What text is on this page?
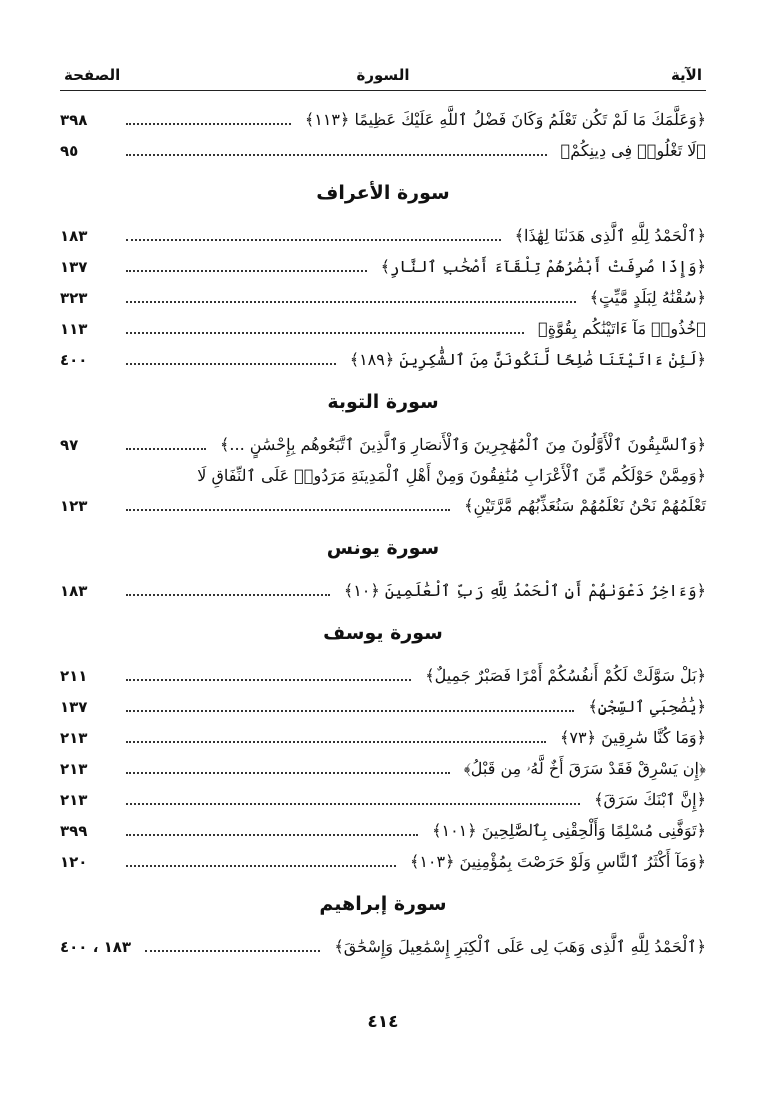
الآية
السورة
الصفحة
﴿وَعَلَّمَكَ مَا لَمْ تَكُن تَعْلَمُ وَكَانَ فَضْلُ ٱللَّهِ عَلَيْكَ عَظِيمًا ﴿١١٣﴾
٣٩٨
﴿لَا تَغْلُوا۟ فِى دِينِكُمْ﴾
٩٥
سورة الأعراف
﴿ٱلْحَمْدُ لِلَّهِ ٱلَّذِى هَدَىٰنَا لِهَٰذَا﴾
١٨٣
﴿وَإِذَا صُرِفَتْ أَبْصَٰرُهُمْ تِلْقَآءَ أَصْحَٰبِ ٱلنَّارِ﴾
١٣٧
﴿سُقْنَٰهُ لِبَلَدٍ مَّيِّتٍ﴾
٣٢٣
﴿خُذُوا۟ مَآ ءَاتَيْنَٰكُم بِقُوَّةٍ﴾
١١٣
﴿لَئِنْ ءَاتَيْتَنَا صَٰلِحًا لَّنَكُونَنَّ مِنَ ٱلشَّٰكِرِينَ ﴿١٨٩﴾
٤٠٠
سورة التوبة
﴿وَٱلسَّٰبِقُونَ ٱلْأَوَّلُونَ مِنَ ٱلْمُهَٰجِرِينَ وَٱلْأَنصَارِ وَٱلَّذِينَ ٱتَّبَعُوهُم بِإِحْسَٰنٍ ...﴾
٩٧
﴿وَمِمَّنْ حَوْلَكُم مِّنَ ٱلْأَعْرَابِ مُنَٰفِقُونَ وَمِنْ أَهْلِ ٱلْمَدِينَةِ مَرَدُوا۟ عَلَى ٱلنِّفَاقِ لَا
تَعْلَمُهُمْ نَحْنُ نَعْلَمُهُمْ سَنُعَذِّبُهُم مَّرَّتَيْنِ﴾
١٢٣
سورة يونس
﴿وَءَاخِرُ دَعْوَىٰهُمْ أَنِ ٱلْحَمْدُ لِلَّهِ رَبِّ ٱلْعَٰلَمِينَ ﴿١٠﴾
١٨٣
سورة يوسف
﴿بَلْ سَوَّلَتْ لَكُمْ أَنفُسُكُمْ أَمْرًا فَصَبْرٌ جَمِيلٌ﴾
٢١١
﴿يَٰصَٰحِبَىِ ٱلسِّجْنِ﴾
١٣٧
﴿وَمَا كُنَّا سَٰرِقِينَ ﴿٧٣﴾
٢١٣
﴿إِن يَسْرِقْ فَقَدْ سَرَقَ أَخٌ لَّهُۥ مِن قَبْلُ﴾
٢١٣
﴿إِنَّ ٱبْنَكَ سَرَقَ﴾
٢١٣
﴿تَوَفَّنِى مُسْلِمًا وَأَلْحِقْنِى بِٱلصَّٰلِحِينَ ﴿١٠١﴾
٣٩٩
﴿وَمَآ أَكْثَرُ ٱلنَّاسِ وَلَوْ حَرَصْتَ بِمُؤْمِنِينَ ﴿١٠٣﴾
١٢٠
سورة إبراهيم
﴿ٱلْحَمْدُ لِلَّهِ ٱلَّذِى وَهَبَ لِى عَلَى ٱلْكِبَرِ إِسْمَٰعِيلَ وَإِسْحَٰقَ﴾
١٨٣ ، ٤٠٠
٤١٤
